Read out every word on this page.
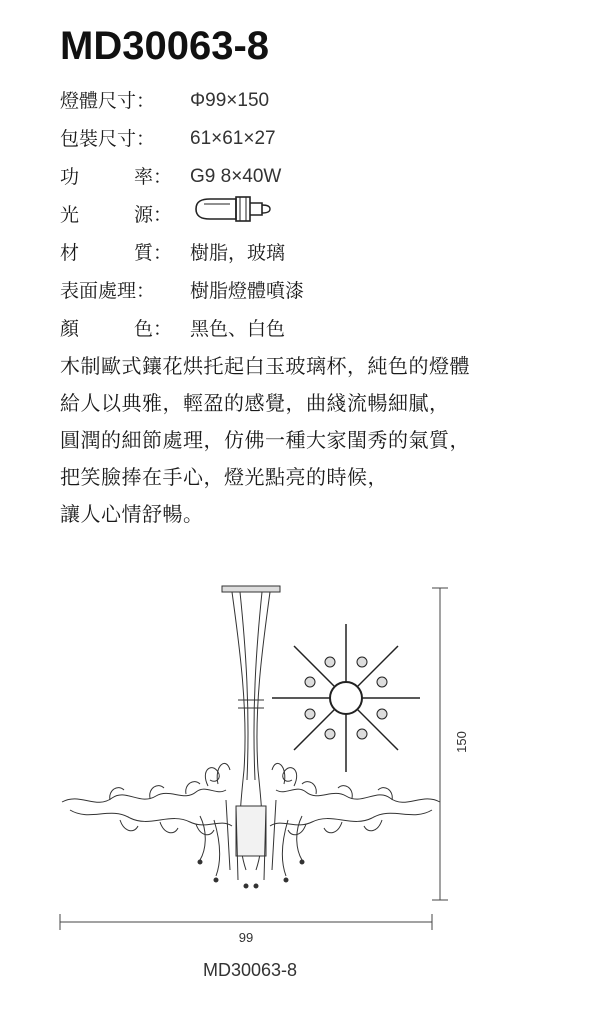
MD30063-8
燈體尺寸：	Φ99×150
包裝尺寸：	61×61×27
功	率： G9 8×40W
光	源：
材	質： 樹脂，玻璃
表面處理：	樹脂燈體噴漆
顏	色： 黑色、白色
木制歐式鑲花烘托起白玉玻璃杯，純色的燈體
給人以典雅，輕盈的感覺，曲綫流暢細膩，
圓潤的細節處理，仿佛一種大家閨秀的氣質，
把笑臉捧在手心，燈光點亮的時候，
讓人心情舒暢。
150
99
MD30063-8
